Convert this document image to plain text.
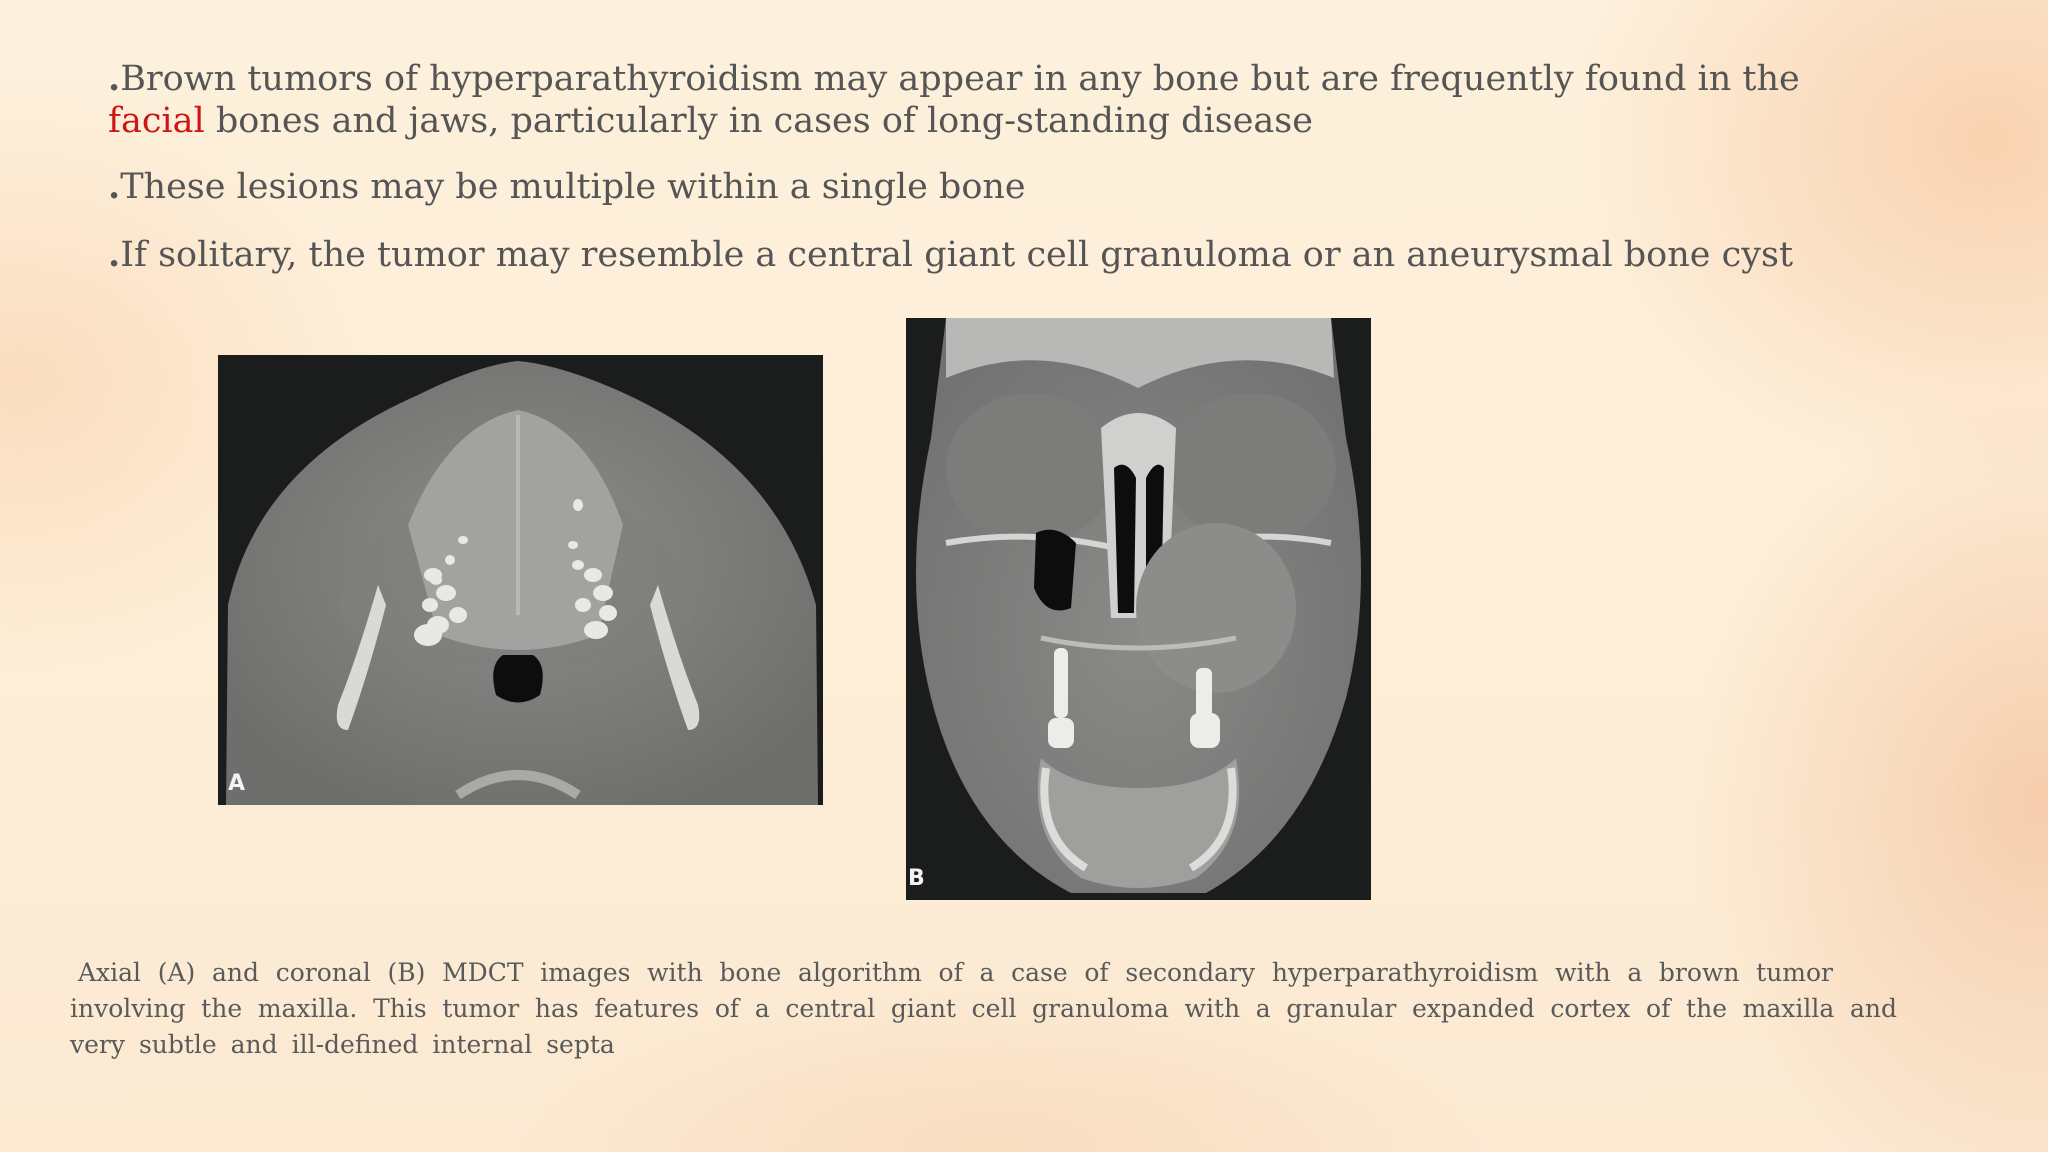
.Brown tumors of hyperparathyroidism may appear in any bone but are frequently found in the
facial bones and jaws, particularly in cases of long-standing disease
.These lesions may be multiple within a single bone
.If solitary, the tumor may resemble a central giant cell granuloma or an aneurysmal bone cyst
A
B
Axial (A) and coronal (B) MDCT images with bone algorithm of a case of secondary hyperparathyroidism with a brown tumor
involving the maxilla. This tumor has features of a central giant cell granuloma with a granular expanded cortex of the maxilla and
very subtle and ill-defined internal septa
